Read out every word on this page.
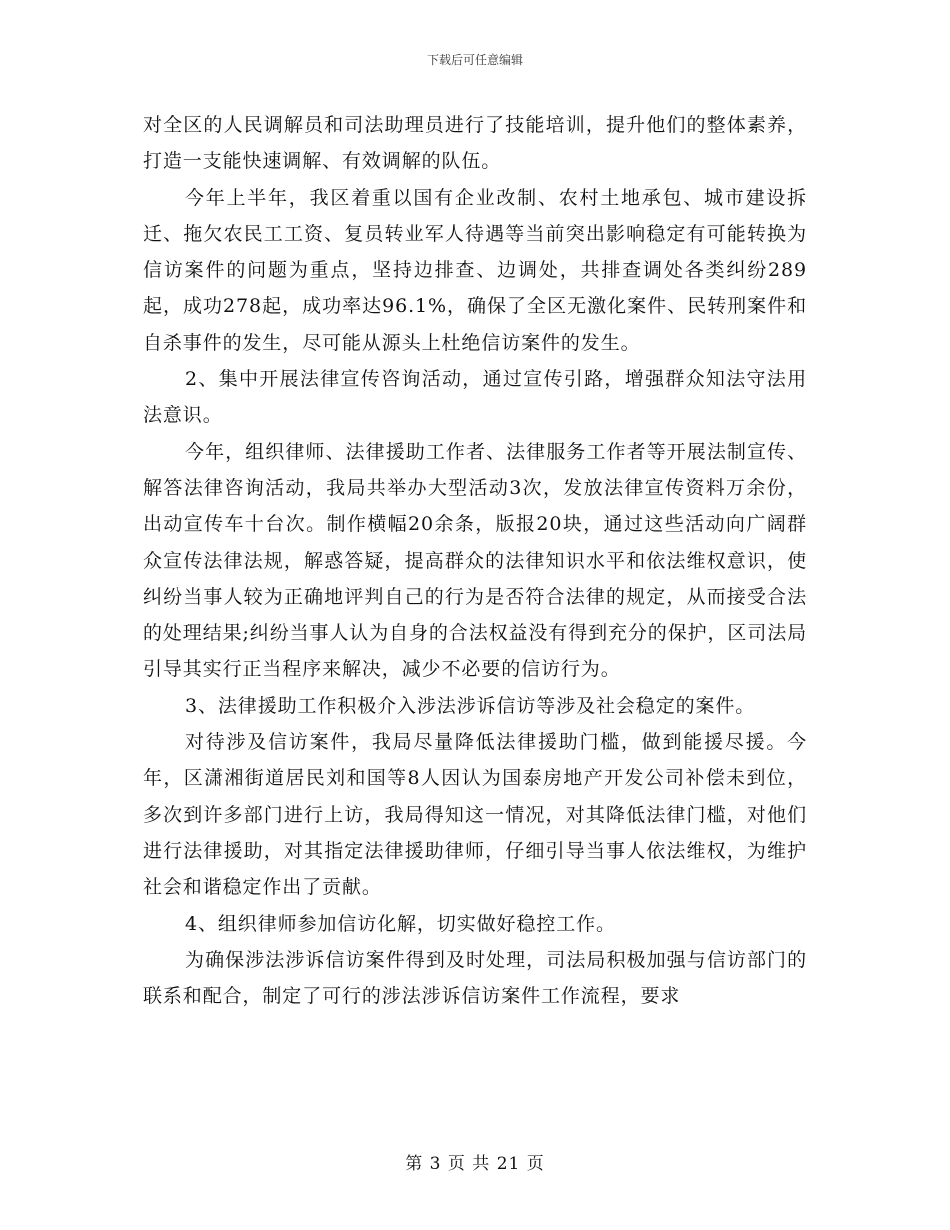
下载后可任意编辑

对全区的人民调解员和司法助理员进行了技能培训，提升他们的整体素养，打造一支能快速调解、有效调解的队伍。

今年上半年，我区着重以国有企业改制、农村土地承包、城市建设拆迁、拖欠农民工工资、复员转业军人待遇等当前突出影响稳定有可能转换为信访案件的问题为重点，坚持边排查、边调处，共排查调处各类纠纷289起，成功278起，成功率达96.1%，确保了全区无激化案件、民转刑案件和自杀事件的发生，尽可能从源头上杜绝信访案件的发生。

2、集中开展法律宣传咨询活动，通过宣传引路，增强群众知法守法用法意识。

今年，组织律师、法律援助工作者、法律服务工作者等开展法制宣传、解答法律咨询活动，我局共举办大型活动3次，发放法律宣传资料万余份，出动宣传车十台次。制作横幅20余条，版报20块，通过这些活动向广阔群众宣传法律法规，解惑答疑，提高群众的法律知识水平和依法维权意识，使纠纷当事人较为正确地评判自己的行为是否符合法律的规定，从而接受合法的处理结果;纠纷当事人认为自身的合法权益没有得到充分的保护，区司法局引导其实行正当程序来解决，减少不必要的信访行为。

3、法律援助工作积极介入涉法涉诉信访等涉及社会稳定的案件。

对待涉及信访案件，我局尽量降低法律援助门槛，做到能援尽援。今年，区潇湘街道居民刘和国等8人因认为国泰房地产开发公司补偿未到位，多次到许多部门进行上访，我局得知这一情况，对其降低法律门槛，对他们进行法律援助，对其指定法律援助律师，仔细引导当事人依法维权，为维护社会和谐稳定作出了贡献。

4、组织律师参加信访化解，切实做好稳控工作。

为确保涉法涉诉信访案件得到及时处理，司法局积极加强与信访部门的联系和配合，制定了可行的涉法涉诉信访案件工作流程，要求

第 3 页 共 21 页
